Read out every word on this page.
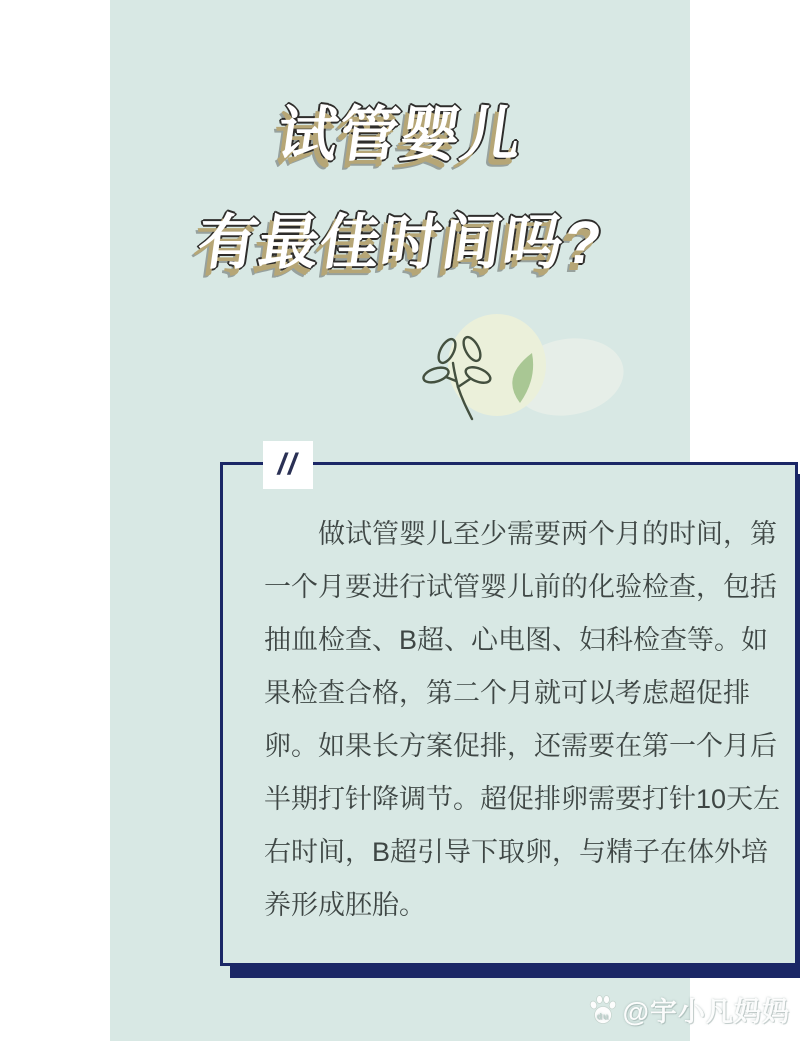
试管婴儿
有最佳时间吗?
//
做试管婴儿至少需要两个月的时间，第
一个月要进行试管婴儿前的化验检查，包括
抽血检查、B超、心电图、妇科检查等。如
果检查合格，第二个月就可以考虑超促排
卵。如果长方案促排，还需要在第一个月后
半期打针降调节。超促排卵需要打针10天左
右时间，B超引导下取卵，与精子在体外培
养形成胚胎。
du @宇小凡妈妈
